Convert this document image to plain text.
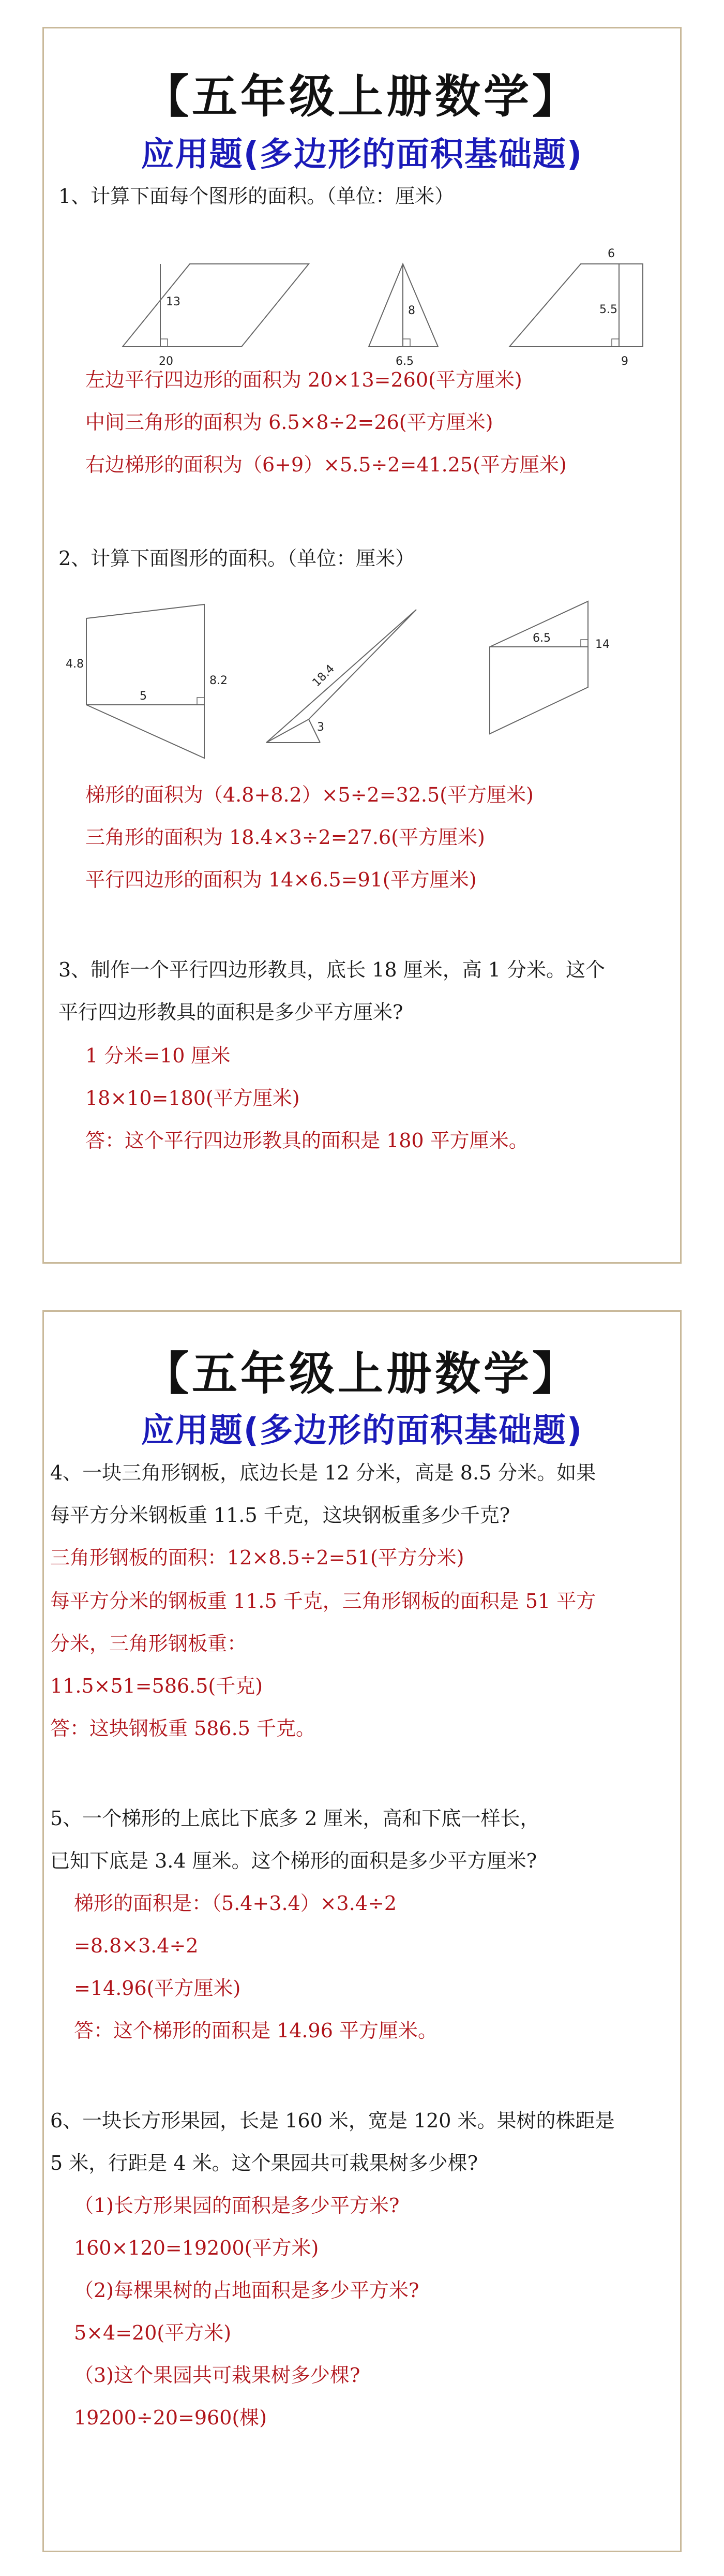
【五年级上册数学】
应用题(多边形的面积基础题)
1、计算下面每个图形的面积。（单位：厘米）
13
20
8
6.5
6
5.5
9
左边平行四边形的面积为 20×13=260(平方厘米)
中间三角形的面积为 6.5×8÷2=26(平方厘米)
右边梯形的面积为（6+9）×5.5÷2=41.25(平方厘米)
2、计算下面图形的面积。（单位：厘米）
4.8
8.2
5
18.4
3
6.5	14
梯形的面积为（4.8+8.2）×5÷2=32.5(平方厘米)
三角形的面积为 18.4×3÷2=27.6(平方厘米)
平行四边形的面积为 14×6.5=91(平方厘米)
3、制作一个平行四边形教具，底长 18 厘米，高 1 分米。这个
平行四边形教具的面积是多少平方厘米?
1 分米=10 厘米
18×10=180(平方厘米)
答：这个平行四边形教具的面积是 180 平方厘米。
【五年级上册数学】
应用题(多边形的面积基础题)
4、一块三角形钢板，底边长是 12 分米，高是 8.5 分米。如果
每平方分米钢板重 11.5 千克，这块钢板重多少千克?
三角形钢板的面积：12×8.5÷2=51(平方分米)
每平方分米的钢板重 11.5 千克，三角形钢板的面积是 51 平方
分米，三角形钢板重：
11.5×51=586.5(千克)
答：这块钢板重 586.5 千克。
5、一个梯形的上底比下底多 2 厘米，高和下底一样长，
已知下底是 3.4 厘米。这个梯形的面积是多少平方厘米?
梯形的面积是：（5.4+3.4）×3.4÷2
=8.8×3.4÷2
=14.96(平方厘米)
答：这个梯形的面积是 14.96 平方厘米。
6、一块长方形果园，长是 160 米，宽是 120 米。果树的株距是
5 米，行距是 4 米。这个果园共可栽果树多少棵?
（1)长方形果园的面积是多少平方米?
160×120=19200(平方米)
（2)每棵果树的占地面积是多少平方米?
5×4=20(平方米)
（3)这个果园共可栽果树多少棵?
19200÷20=960(棵)
